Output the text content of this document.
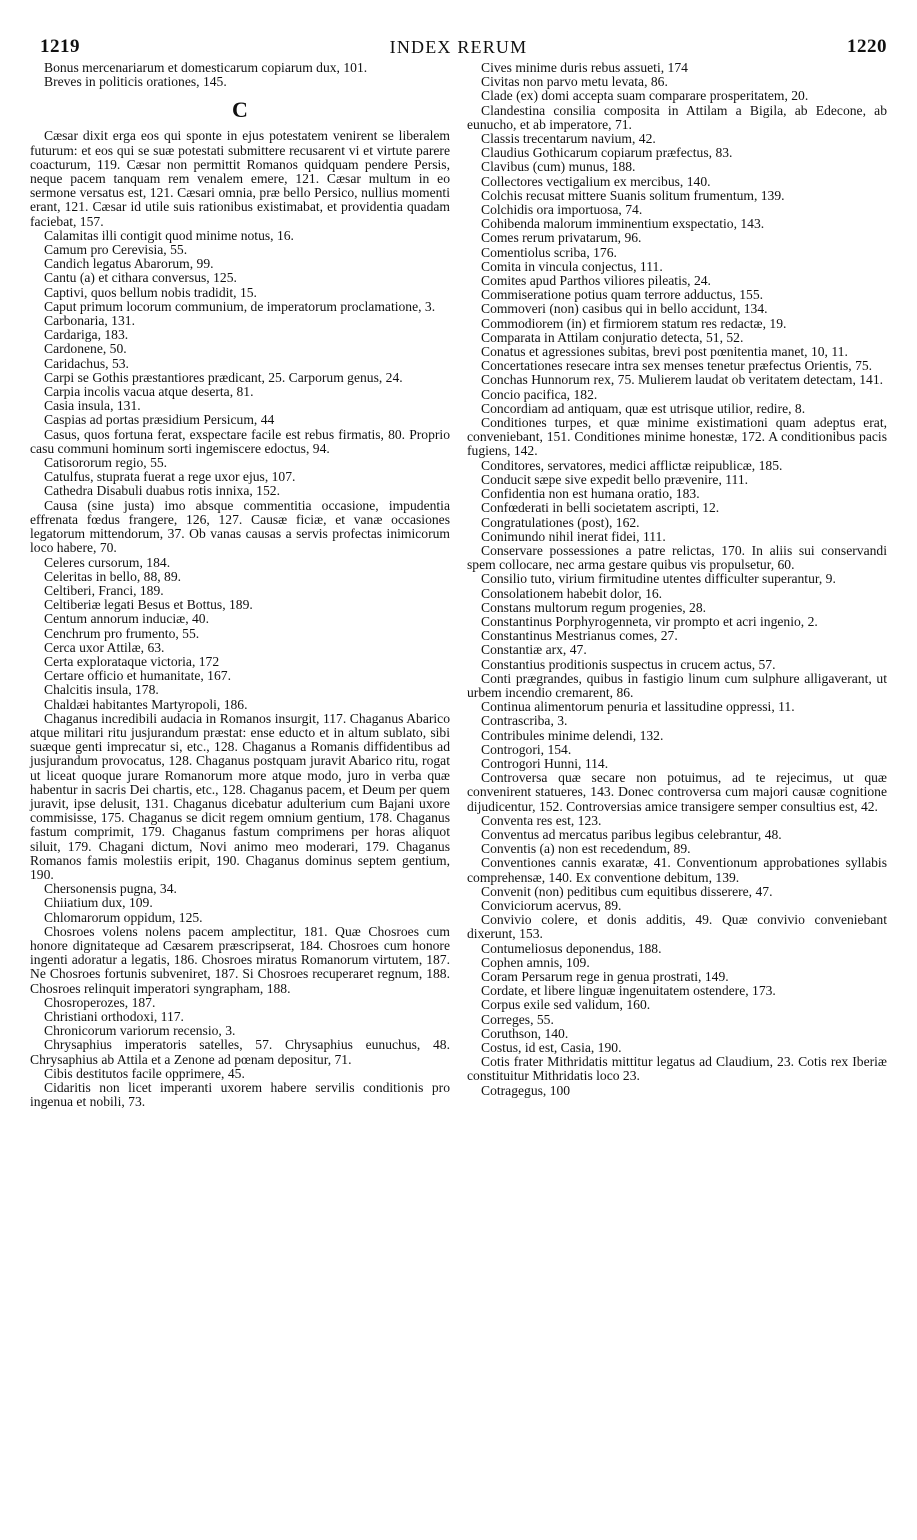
1219	INDEX RERUM	1220

Bonus mercenariarum et domesticarum copiarum dux, 101.

Breves in politicis orationes, 145.

C

Cæsar dixit erga eos qui sponte in ejus potestatem venirent se liberalem futurum: et eos qui se suæ potestati submittere recusarent vi et virtute parere coacturum, 119. Cæsar non permittit Romanos quidquam pendere Persis, neque pacem tanquam rem venalem emere, 121. Cæsar multum in eo sermone versatus est, 121. Cæsari omnia, præ bello Persico, nullius momenti erant, 121. Cæsar id utile suis rationibus existimabat, et providentia quadam faciebat, 157.

Calamitas illi contigit quod minime notus, 16.

Camum pro Cerevisia, 55.

Candich legatus Abarorum, 99.

Cantu (a) et cithara conversus, 125.

Captivi, quos bellum nobis tradidit, 15.

Caput primum locorum communium, de imperatorum proclamatione, 3.

Carbonaria, 131.

Cardariga, 183.

Cardonene, 50.

Caridachus, 53.

Carpi se Gothis præstantiores prædicant, 25. Carporum genus, 24.

Carpia incolis vacua atque deserta, 81.

Casia insula, 131.

Caspias ad portas præsidium Persicum, 44

Casus, quos fortuna ferat, exspectare facile est rebus firmatis, 80. Proprio casu communi hominum sorti ingemiscere edoctus, 94.

Catisororum regio, 55.

Catulfus, stuprata fuerat a rege uxor ejus, 107.

Cathedra Disabuli duabus rotis innixa, 152.

Causa (sine justa) imo absque commentitia occasione, impudentia effrenata fœdus frangere, 126, 127. Causæ ficiæ, et vanæ occasiones legatorum mittendorum, 37. Ob vanas causas a servis profectas inimicorum loco habere, 70.

Celeres cursorum, 184.

Celeritas in bello, 88, 89.

Celtiberi, Franci, 189.

Celtiberiæ legati Besus et Bottus, 189.

Centum annorum induciæ, 40.

Cenchrum pro frumento, 55.

Cerca uxor Attilæ, 63.

Certa explorataque victoria, 172

Certare officio et humanitate, 167.

Chalcitis insula, 178.

Chaldæi habitantes Martyropoli, 186.

Chaganus incredibili audacia in Romanos insurgit, 117. Chaganus Abarico atque militari ritu jusjurandum præstat: ense educto et in altum sublato, sibi suæque genti imprecatur si, etc., 128. Chaganus a Romanis diffidentibus ad jusjurandum provocatus, 128. Chaganus postquam juravit Abarico ritu, rogat ut liceat quoque jurare Romanorum more atque modo, juro in verba quæ habentur in sacris Dei chartis, etc., 128. Chaganus pacem, et Deum per quem juravit, ipse delusit, 131. Chaganus dicebatur adulterium cum Bajani uxore commisisse, 175. Chaganus se dicit regem omnium gentium, 178. Chaganus fastum comprimit, 179. Chaganus fastum comprimens per horas aliquot siluit, 179. Chagani dictum, Novi animo meo moderari, 179. Chaganus Romanos famis molestiis eripit, 190. Chaganus dominus septem gentium, 190.

Chersonensis pugna, 34.

Chiiatium dux, 109.

Chlomarorum oppidum, 125.

Chosroes volens nolens pacem amplectitur, 181. Quæ Chosroes cum honore dignitateque ad Cæsarem præscripserat, 184. Chosroes cum honore ingenti adoratur a legatis, 186. Chosroes miratus Romanorum virtutem, 187. Ne Chosroes fortunis subveniret, 187. Si Chosroes recuperaret regnum, 188. Chosroes relinquit imperatori syngrapham, 188.

Chosroperozes, 187.

Christiani orthodoxi, 117.

Chronicorum variorum recensio, 3.

Chrysaphius imperatoris satelles, 57. Chrysaphius eunuchus, 48. Chrysaphius ab Attila et a Zenone ad pœnam depositur, 71.

Cibis destitutos facile opprimere, 45.

Cidaritis non licet imperanti uxorem habere servilis conditionis pro ingenua et nobili, 73.

Cives minime duris rebus assueti, 174

Civitas non parvo metu levata, 86.

Clade (ex) domi accepta suam comparare prosperitatem, 20.

Clandestina consilia composita in Attilam a Bigila, ab Edecone, ab eunucho, et ab imperatore, 71.

Classis trecentarum navium, 42.

Claudius Gothicarum copiarum præfectus, 83.

Clavibus (cum) munus, 188.

Collectores vectigalium ex mercibus, 140.

Colchis recusat mittere Suanis solitum frumentum, 139.

Colchidis ora importuosa, 74.

Cohibenda malorum imminentium exspectatio, 143.

Comes rerum privatarum, 96.

Comentiolus scriba, 176.

Comita in vincula conjectus, 111.

Comites apud Parthos viliores pileatis, 24.

Commiseratione potius quam terrore adductus, 155.

Commoveri (non) casibus qui in bello accidunt, 134.

Commodiorem (in) et firmiorem statum res redactæ, 19.

Comparata in Attilam conjuratio detecta, 51, 52.

Conatus et agressiones subitas, brevi post pœnitentia manet, 10, 11.

Concertationes resecare intra sex menses tenetur præfectus Orientis, 75.

Conchas Hunnorum rex, 75. Mulierem laudat ob veritatem detectam, 141.

Concio pacifica, 182.

Concordiam ad antiquam, quæ est utrisque utilior, redire, 8.

Conditiones turpes, et quæ minime existimationi quam adeptus erat, conveniebant, 151. Conditiones minime honestæ, 172. A conditionibus pacis fugiens, 142.

Conditores, servatores, medici afflictæ reipublicæ, 185.

Conducit sæpe sive expedit bello prævenire, 111.

Confidentia non est humana oratio, 183.

Confœderati in belli societatem ascripti, 12.

Congratulationes (post), 162.

Conimundo nihil inerat fidei, 111.

Conservare possessiones a patre relictas, 170. In aliis sui conservandi spem collocare, nec arma gestare quibus vis propulsetur, 60.

Consilio tuto, virium firmitudine utentes difficulter superantur, 9.

Consolationem habebit dolor, 16.

Constans multorum regum progenies, 28.

Constantinus Porphyrogenneta, vir prompto et acri ingenio, 2.

Constantinus Mestrianus comes, 27.

Constantiæ arx, 47.

Constantius proditionis suspectus in crucem actus, 57.

Conti prægrandes, quibus in fastigio linum cum sulphure alligaverant, ut urbem incendio cremarent, 86.

Continua alimentorum penuria et lassitudine oppressi, 11.

Contrascriba, 3.

Contribules minime delendi, 132.

Controgori, 154.

Controgori Hunni, 114.

Controversa quæ secare non potuimus, ad te rejecimus, ut quæ convenirent statueres, 143. Donec controversa cum majori causæ cognitione dijudicentur, 152. Controversias amice transigere semper consultius est, 42.

Conventa res est, 123.

Conventus ad mercatus paribus legibus celebrantur, 48.

Conventis (a) non est recedendum, 89.

Conventiones cannis exaratæ, 41. Conventionum approbationes syllabis comprehensæ, 140. Ex conventione debitum, 139.

Convenit (non) peditibus cum equitibus disserere, 47.

Conviciorum acervus, 89.

Convivio colere, et donis additis, 49. Quæ convivio conveniebant dixerunt, 153.

Contumeliosus deponendus, 188.

Cophen amnis, 109.

Coram Persarum rege in genua prostrati, 149.

Cordate, et libere linguæ ingenuitatem ostendere, 173.

Corpus exile sed validum, 160.

Correges, 55.

Coruthson, 140.

Costus, id est, Casia, 190.

Cotis frater Mithridatis mittitur legatus ad Claudium, 23. Cotis rex Iberiæ constituitur Mithridatis loco 23.

Cotragegus, 100
